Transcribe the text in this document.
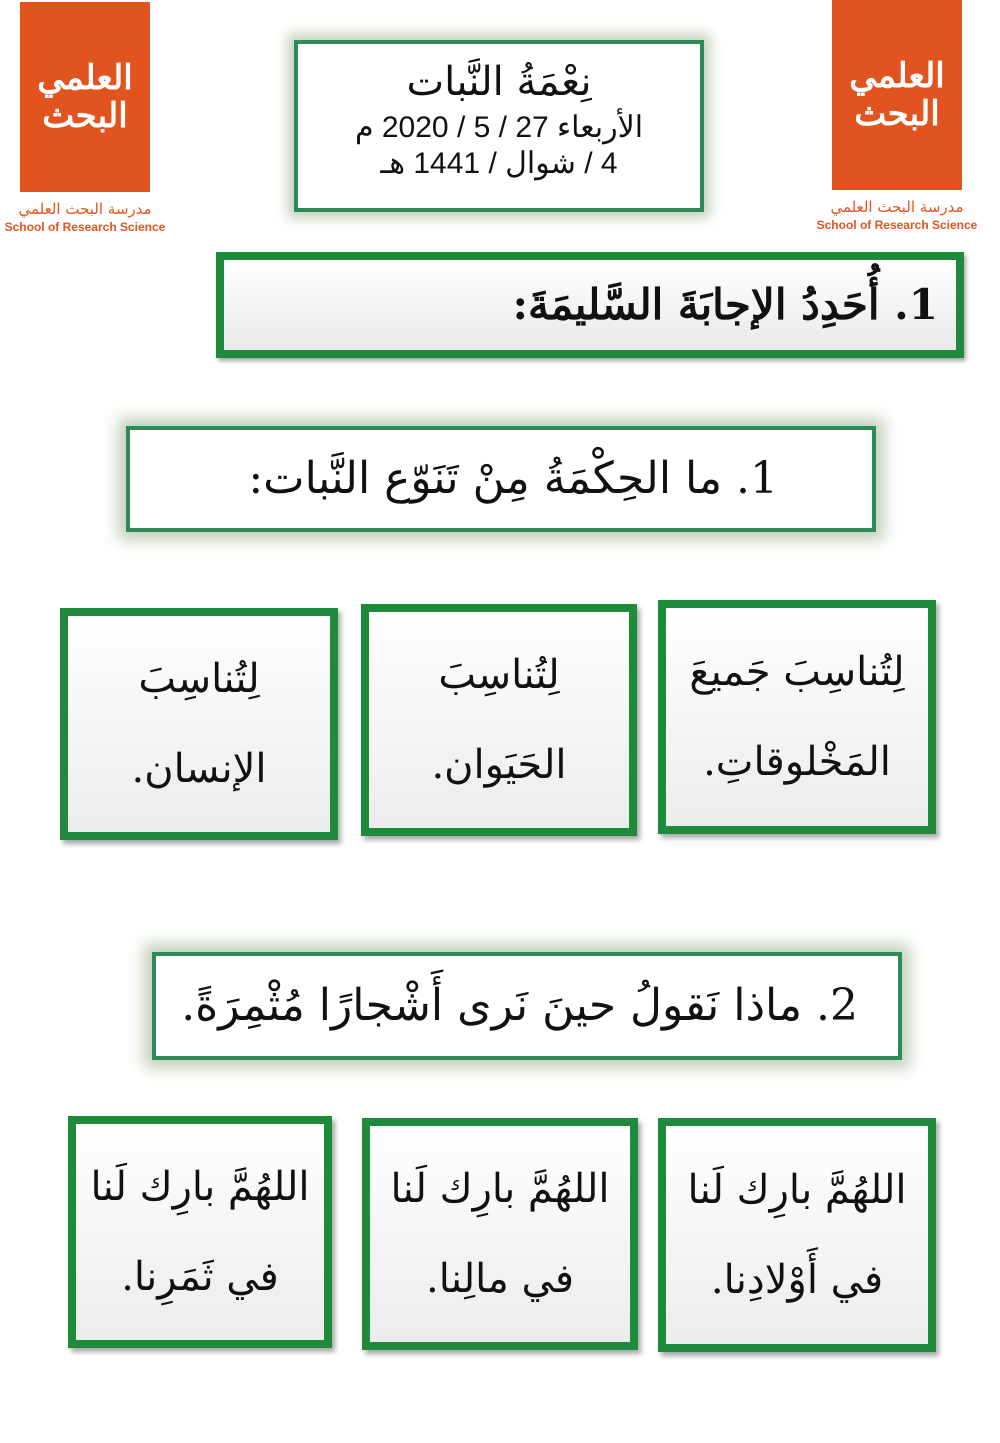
العلمي
البحث
مدرسة البحث العلمي
School of Research Science
العلمي
البحث
مدرسة البحث العلمي
School of Research Science
نِعْمَةُ النَّبات
الأربعاء 27 / 5 / 2020 م
4 / شوال / 1441 هـ
1. أُحَدِدُ الإجابَةَ السَّليمَةَ:
1. ما الحِكْمَةُ مِنْ تَنَوّع النَّبات:
لِتُناسِبَ جَميعَ
المَخْلوقاتِ.
لِتُناسِبَ
الحَيَوان.
لِتُناسِبَ
الإنسان.
2. ماذا نَقولُ حينَ نَرى أَشْجارًا مُثْمِرَةً.
اللهُمَّ بارِك لَنا
في أَوْلادِنا.
اللهُمَّ بارِك لَنا
في مالِنا.
اللهُمَّ بارِك لَنا
في ثَمَرِنا.
